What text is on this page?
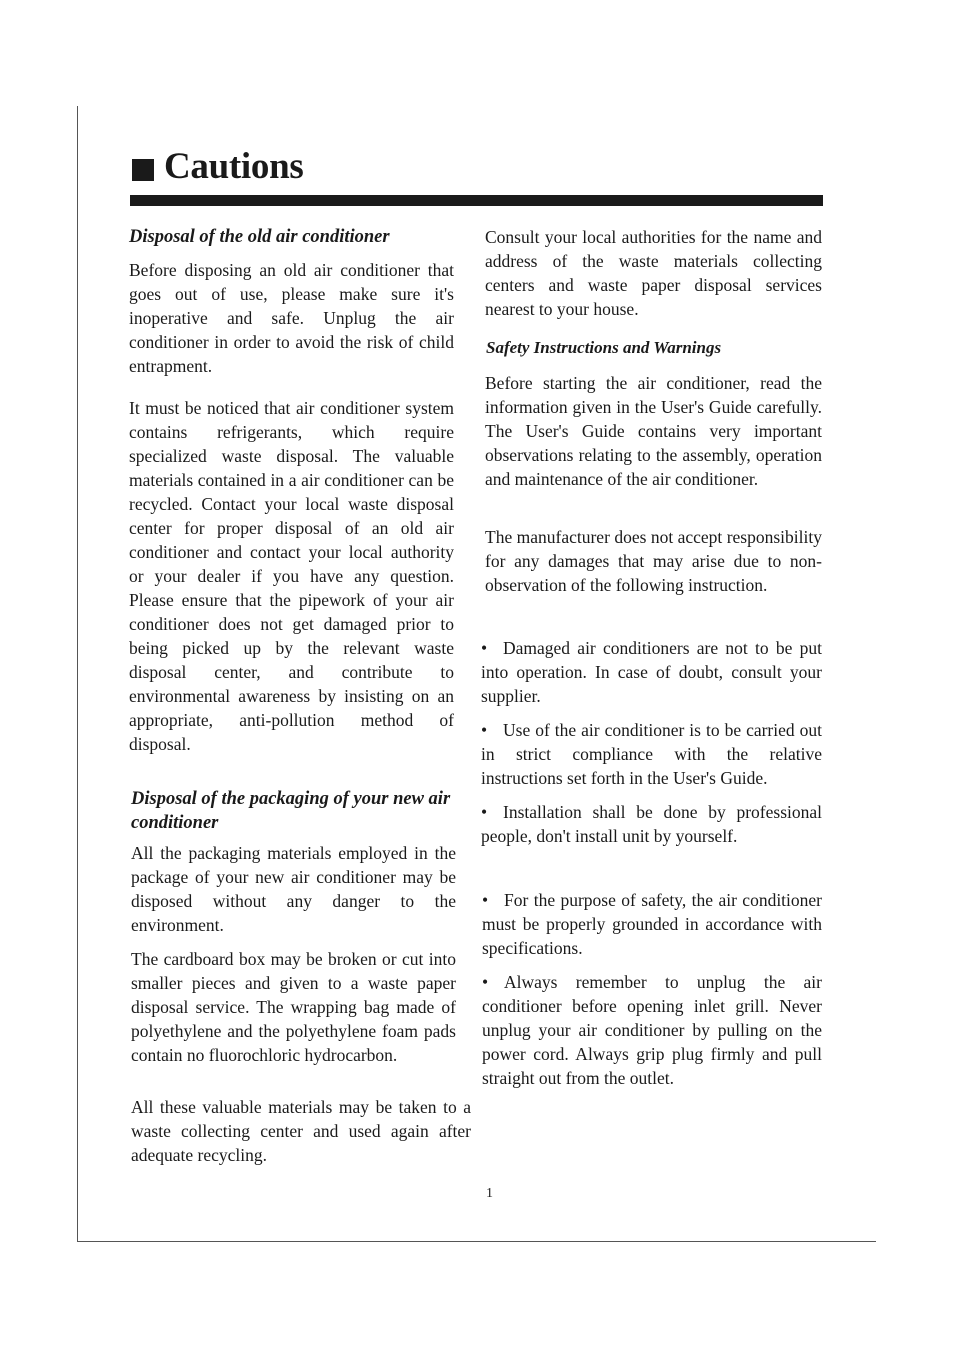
Cautions

Disposal of the old air conditioner

Before disposing an old air conditioner that goes out of use, please make sure it's inoperative and safe. Unplug the air conditioner in order to avoid the risk of child entrapment.

It must be noticed that air conditioner system contains refrigerants, which require specialized waste disposal. The valuable materials contained in a air conditioner can be recycled. Contact your local waste disposal center for proper disposal of an old air conditioner and contact your local authority or your dealer if you have any question. Please ensure that the pipework of your air conditioner does not get damaged prior to being picked up by the relevant waste disposal center, and contribute to environmental awareness by insisting on an appropriate, anti-pollution method of disposal.

Disposal of the packaging of your new air conditioner

All the packaging materials employed in the package of your new air conditioner may be disposed without any danger to the environment.

The cardboard box may be broken or cut into smaller pieces and given to a waste paper disposal service. The wrapping bag made of polyethylene and the polyethylene foam pads contain no fluorochloric hydrocarbon.

All these valuable materials may be taken to a waste collecting center and used again after adequate recycling.

Consult your local authorities for the name and address of the waste materials collecting centers and waste paper disposal services nearest to your house.

Safety Instructions and Warnings

Before starting the air conditioner, read the information given in the User's Guide carefully. The User's Guide contains very important observations relating to the assembly, operation and maintenance of the air conditioner.

The manufacturer does not accept responsibility for any damages that may arise due to non-observation of the following instruction.

• Damaged air conditioners are not to be put into operation. In case of doubt, consult your supplier.

• Use of the air conditioner is to be carried out in strict compliance with the relative instructions set forth in the User's Guide.

• Installation shall be done by professional people, don't install unit by yourself.

• For the purpose of safety, the air conditioner must be properly grounded in accordance with specifications.

• Always remember to unplug the air conditioner before opening inlet grill. Never unplug your air conditioner by pulling on the power cord. Always grip plug firmly and pull straight out from the outlet.

1
